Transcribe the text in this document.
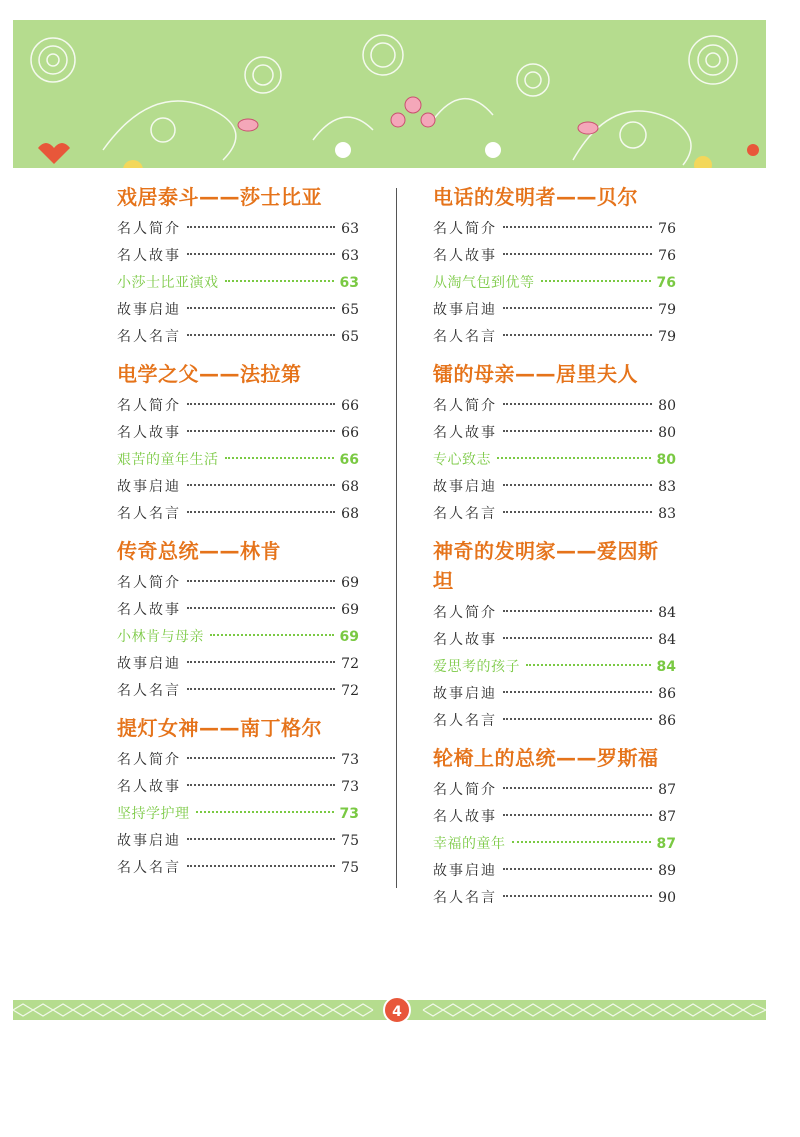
戏居泰斗——莎士比亚
名人简介	63
名人故事	63
小莎士比亚演戏	63
故事启迪	65
名人名言	65
电学之父——法拉第
名人简介	66
名人故事	66
艰苦的童年生活	66
故事启迪	68
名人名言	68
传奇总统——林肯
名人简介	69
名人故事	69
小林肯与母亲	69
故事启迪	72
名人名言	72
提灯女神——南丁格尔
名人简介	73
名人故事	73
坚持学护理	73
故事启迪	75
名人名言	75
电话的发明者——贝尔
名人简介	76
名人故事	76
从淘气包到优等	76
故事启迪	79
名人名言	79
镭的母亲——居里夫人
名人简介	80
名人故事	80
专心致志	80
故事启迪	83
名人名言	83
神奇的发明家——爱因斯坦
名人简介	84
名人故事	84
爱思考的孩子	84
故事启迪	86
名人名言	86
轮椅上的总统——罗斯福
名人简介	87
名人故事	87
幸福的童年	87
故事启迪	89
名人名言	90
4
